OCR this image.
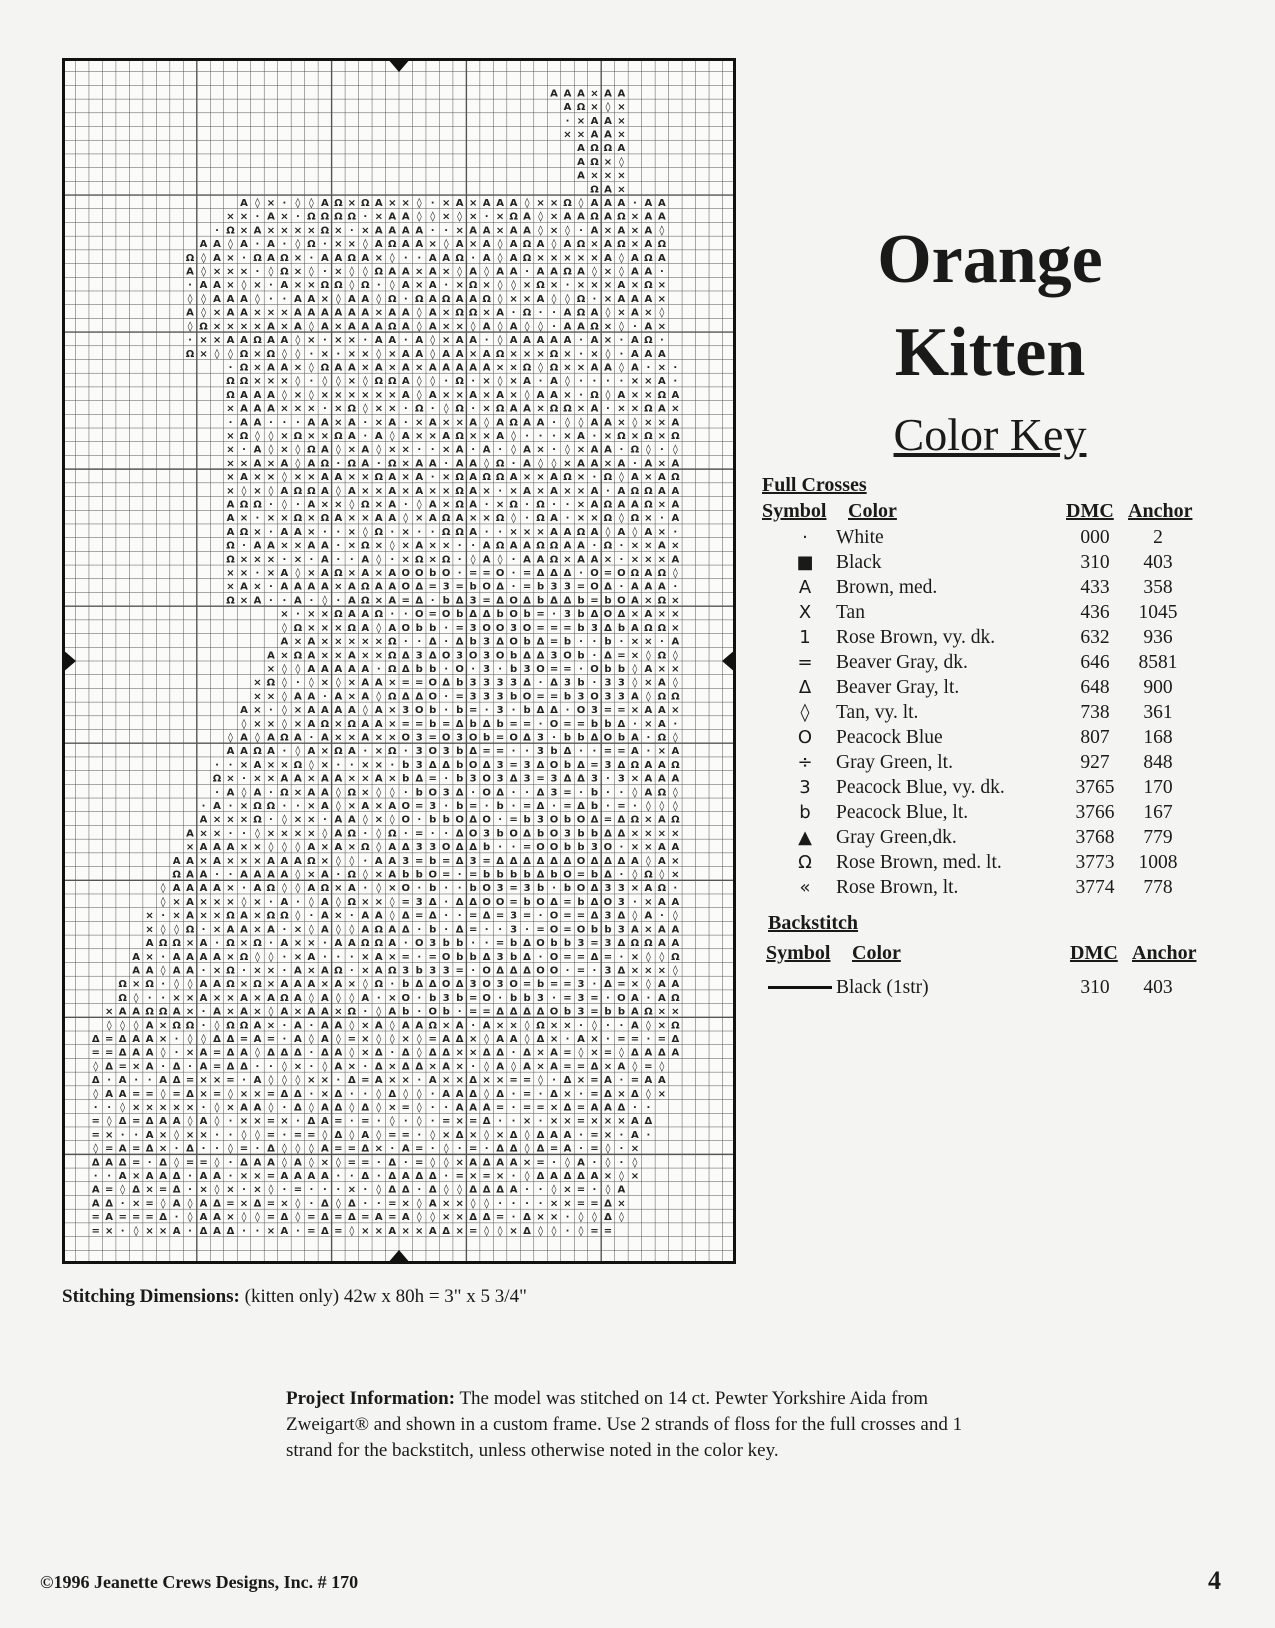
A A A × A A
A Ω × ◊ ×
· × A A ×
× × A A ×
A Ω Ω A
A Ω × ◊
A × × ×
Ω A ×
A ◊ × · ◊ ◊ A Ω × Ω A × × ◊ · × A × A A A ◊ × × Ω ◊ A A A · A A
× × · A × · Ω Ω Ω Ω · × A A ◊ ◊ × ◊ × · × Ω A ◊ × A A Ω A Ω × A A
· Ω × A × × × × Ω × · × A A A A · · × A A × A A ◊ × ◊ · A × A × A ◊
A A ◊ A · A · ◊ Ω · × × ◊ A Ω A A × ◊ A × A ◊ A Ω A ◊ A Ω × A Ω × A Ω
Ω ◊ A × · Ω A Ω × · A A Ω A × ◊ · · A A Ω · A ◊ A Ω × × × × × A ◊ A Ω A
A ◊ × × × · ◊ Ω × ◊ · × ◊ ◊ Ω A A × A × ◊ A ◊ A A · A A Ω A ◊ × ◊ A A ·
· A A × ◊ × · A × × Ω Ω ◊ Ω · ◊ A × A · × Ω × ◊ ◊ × Ω × · × × × A × Ω ×
◊ ◊ A A A ◊ · · A A × ◊ A A ◊ Ω · Ω A Ω A A Ω ◊ × × A ◊ ◊ Ω · × A A A ×
A ◊ × A A × × × A A A A A A × A A ◊ A × Ω Ω × A · Ω · · A Ω A ◊ × A × ◊
◊ Ω × × × × A × A ◊ A × A A A Ω A ◊ A × × ◊ A ◊ A ◊ ◊ · A A Ω × ◊ · A ×
· × × A A Ω A A ◊ × · × × · A A · A ◊ × A A · ◊ A A A A A · A × · A Ω ·
Ω × ◊ ◊ Ω × Ω ◊ ◊ · × · × × ◊ × A A ◊ A A × A Ω × × × Ω × · × ◊ · A A A
· Ω × A A × ◊ Ω A A × A × A × A A A A A × × Ω ◊ Ω × × A A ◊ A · × ·
Ω Ω × × × ◊ · ◊ ◊ × ◊ Ω Ω A ◊ ◊ · Ω · × ◊ × A · A ◊ · · · · × × A ·
Ω A A A ◊ × ◊ × × × × × × A ◊ A × × A × A × ◊ A A × · Ω ◊ A × × Ω A
× A A A × × × · × Ω ◊ × × · Ω · ◊ Ω · × Ω A A × Ω Ω × A · × × Ω A ×
· A A · · · A A × A · × A · × A × × A ◊ A Ω A A · ◊ ◊ A A × ◊ × × A
× Ω ◊ ◊ × Ω × × Ω A · A ◊ A × × A Ω × × A ◊ · · · × A · × Ω × Ω × Ω
× · A ◊ × ◊ Ω A ◊ × A ◊ × × · · × A · A · ◊ A × · ◊ × A A · Ω ◊ · ◊
× × A × A ◊ A Ω · Ω A · Ω × A A · A A ◊ Ω · A ◊ ◊ × A A × A · A × A
× A × × ◊ × × A A × × Ω A × A · × Ω A Ω Ω A × × A Ω × · Ω ◊ A × A Ω
× ◊ × ◊ A Ω Ω A ◊ A × × A × A × × Ω A × · × A × A × × A · A Ω Ω A A
A Ω Ω · ◊ · A × × ◊ Ω × A · ◊ A × Ω A · × Ω · Ω · · × A Ω A A Ω × A
A × · × × Ω × Ω A × × A A ◊ × A Ω A × × Ω ◊ · Ω A · × × Ω ◊ Ω × · A
A Ω × · A A × · · × ◊ Ω · × · · Ω Ω A · · × × × A A Ω A ◊ A ◊ A × ·
Ω · A A × × A A · × Ω × ◊ × A × × · · A Ω A A Ω Ω A A · Ω · × × A ×
Ω × × × · × · A · · A ◊ · × Ω × Ω · ◊ A ◊ · A A Ω × A A × · × × × A
× × · × A ◊ × A Ω × A × A O O b O · = = O · = Δ Δ Δ · O = O Ω A Ω ◊
× A × · A A A A × A Ω A A O Δ = 3 = b O Δ · = b 3 3 = O Δ · A A A ·
Ω × A · · A · ◊ · A Ω × A = Δ · b Δ 3 = Δ O Δ b Δ Δ b = b O A × Ω ×
× · × × Ω A A Ω · · O = O b Δ Δ b O b = · 3 b Δ O Δ × A × ×
◊ Ω × × × Ω A ◊ A O b b · = 3 O O 3 O = = = b 3 Δ b A Ω Ω ×
A × A × × × × × Ω · · Δ · Δ b 3 Δ O b Δ = b · · b · × × · A
A × Ω A × × A × × Ω Δ 3 Δ O 3 O 3 O b Δ Δ 3 O b · Δ = × ◊ Ω ◊
× ◊ ◊ A A A A A · Ω Δ b b · O · 3 · b 3 O = = · O b b ◊ A × ×
× Ω ◊ · ◊ × ◊ × A A × = = O Δ b 3 3 3 3 Δ · Δ 3 b · 3 3 ◊ × A ◊
× × ◊ A A · A × A ◊ Ω Δ Δ O · = 3 3 3 b O = = b 3 O 3 3 A ◊ Ω Ω
A × · ◊ × A A A A ◊ A × 3 O b · b = · 3 · b Δ Δ · O 3 = = × A A ×
◊ × × ◊ × A Ω × Ω A A × = = b = Δ b Δ b = = · O = = b b Δ · × A ·
◊ A ◊ A Ω A · A × × A × × O 3 = O 3 O b = O Δ 3 · b b Δ O b A · Ω ◊
A A Ω A · ◊ A × Ω A · × Ω · 3 O 3 b Δ = = · · 3 b Δ · · = = A · × A
· · × A × × Ω ◊ × · · × × · b 3 Δ Δ b O Δ 3 = 3 Δ O b Δ = 3 Δ Ω A A Ω
Ω × · × × A A × A A × × A × b Δ = · b 3 O 3 Δ 3 = 3 Δ Δ 3 · 3 × A A A
· A ◊ A · Ω × A A ◊ Ω × ◊ ◊ · b O 3 Δ · O Δ · · Δ 3 = · b · · ◊ A Ω ◊
· A · × Ω Ω · · × A ◊ × A × A O = 3 · b = · b · = Δ · = Δ b · = · ◊ ◊ ◊
A × × × Ω · ◊ × × · A A ◊ × ◊ O · b b O Δ O · = b 3 O b O Δ = Δ Ω × A Ω
A × × · · ◊ × × × × ◊ A Ω · ◊ Ω · = · · Δ O 3 b O Δ b O 3 b b Δ Δ × × × ×
× A A A × × ◊ ◊ ◊ A × A × Ω ◊ A Δ 3 3 O Δ Δ b · · = O O b b 3 O · × × A A
A A × A × × × A A A Ω × ◊ ◊ · A A 3 = b = Δ 3 = Δ Δ Δ Δ Δ Δ O Δ Δ Δ A ◊ A ×
Ω A A · · A A A A ◊ × A · Ω ◊ × A b b O = · = b b b b Δ b O = b Δ · ◊ Ω ◊ ×
◊ A A A A × · A Ω ◊ ◊ A Ω × A · ◊ × O · b · · b O 3 = 3 b · b O Δ 3 3 × A Ω ·
◊ × A × × × ◊ × · A · ◊ A ◊ Ω × × ◊ = 3 Δ · Δ Δ O O = b O Δ = b Δ O 3 · × A A
× · × A × × Ω A × Ω Ω ◊ · A × · A A ◊ Δ = Δ · · = Δ = 3 = · O = = Δ 3 Δ ◊ A · ◊
× ◊ ◊ Ω · × A A × A · × ◊ A ◊ ◊ A Ω A Δ · b · Δ = · · 3 · = O = O b b 3 A × A A
A Ω Ω × A · Ω × Ω · A × × · A A Ω Ω A · O 3 b b · · = b Δ O b b 3 = 3 Δ Ω Ω A A
A × · A A A A × Ω ◊ ◊ · × A · · · × A × = · = O b b Δ 3 b Δ · O = = Δ = · × ◊ ◊ Ω
A A ◊ A A · × Ω · × × · A × A Ω · × A Ω 3 b 3 3 = · O Δ Δ Δ O O · = · 3 Δ × × × ◊
Ω × Ω · ◊ ◊ A A Ω × Ω × A A A × A × ◊ Ω · b Δ Δ O Δ 3 O 3 O = b = = 3 · Δ = × ◊ A A
Ω ◊ · · × × A × × A × A Ω A ◊ A ◊ ◊ A · × O · b 3 b = O · b b 3 · = 3 = · O A · A Ω
× A A Ω Ω A × · A × A × ◊ A × A A × Ω · ◊ A b · O b · = = Δ Δ Δ Δ O b 3 = b b A Ω × ×
◊ ◊ ◊ A × Ω Ω · ◊ Ω Ω A × · A · A A ◊ × A ◊ A A Ω × A · A × × ◊ Ω × × · ◊ · · A ◊ × Ω
Δ = Δ A A × · ◊ ◊ Δ Δ = A = · A ◊ A ◊ = × ◊ ◊ × ◊ = A Δ × ◊ A A ◊ Δ × · A × · = = · = Δ
= = Δ A A ◊ · × A = Δ A ◊ Δ Δ Δ · Δ A ◊ × Δ · Δ ◊ Δ Δ × × Δ Δ · Δ × A = ◊ × = ◊ Δ A Δ A
◊ Δ = × A · Δ · A = Δ Δ · · ◊ × · ◊ A × · Δ × Δ Δ × A × · ◊ A ◊ A × A = = Δ × A ◊ = ◊
Δ · A · · A Δ = × × = · A ◊ ◊ ◊ × × · Δ = A × × · A × × Δ × × = = ◊ · Δ × = A · = A A
◊ A A = = ◊ = Δ × = ◊ × × = Δ Δ · × Δ · · ◊ Δ ◊ ◊ · A A Δ ◊ Δ · = · Δ × · = Δ × Δ ◊ ×
· · ◊ × × × × × · ◊ × A A ◊ · Δ ◊ A Δ ◊ Δ ◊ × = ◊ · · A A A = · = = × Δ = A A Δ · ·
= ◊ Δ = Δ A A ◊ A ◊ · × × = × · Δ A = · = · ◊ · ◊ · = × = Δ · · × · × × = × × × A Δ
= × · · A × ◊ × × · · ◊ ◊ = · = = ◊ Δ ◊ A ◊ = = · ◊ × Δ × ◊ × Δ ◊ Δ A A · = × · A ·
◊ = A = Δ × · Δ · · ◊ = · Δ ◊ ◊ ◊ A = = Δ × · A = · ◊ · = · Δ Δ ◊ Δ = A · = ◊ · ×
Δ A Δ = · Δ ◊ = = ◊ · Δ A A ◊ A ◊ × ◊ = = · Δ · = ◊ ◊ × A Δ A A × = · ◊ A · ◊ · ◊
· · A × A A Δ · A A · × × = A A A A · · Δ · Δ A Δ Δ · = × = × · ◊ Δ A Δ Δ A × ◊ ×
A = ◊ Δ × = Δ · × ◊ × · × ◊ · = · · · × · ◊ Δ Δ · Δ ◊ ◊ Δ Δ Δ A · · ◊ × = · ◊ A
A Δ · × = ◊ A ◊ A Δ = × Δ = × ◊ · Δ ◊ Δ · · = × ◊ A × × ◊ ◊ · · · · × × = = Δ ×
= A = = = Δ · ◊ A A × ◊ ◊ = Δ ◊ = Δ = Δ = A = A ◊ ◊ × × Δ Δ = · Δ × × · ◊ ◊ Δ ◊
= × · ◊ × × A · Δ A Δ · · × A · = Δ = ◊ × × A × × A Δ × = ◊ ◊ × Δ ◊ ◊ · ◊ = =
Orange
Kitten
Color Key
Full Crosses
Symbol Color	DMC Anchor
·	White	000	2
■	Black	310	403
A	Brown, med.	433	358
X	Tan	436	1045
1	Rose Brown, vy. dk.	632	936
=	Beaver Gray, dk.	646	8581
Δ	Beaver Gray, lt.	648	900
◊	Tan, vy. lt.	738	361
O	Peacock Blue	807	168
÷	Gray Green, lt.	927	848
3	Peacock Blue, vy. dk.	3765	170
b	Peacock Blue, lt.	3766	167
▲	Gray Green,dk.	3768	779
Ω	Rose Brown, med. lt.	3773	1008
«	Rose Brown, lt.	3774	778
Backstitch
Symbol Color	DMC Anchor
Black (1str)	310	403
Stitching Dimensions: (kitten only) 42w x 80h = 3" x 5 3/4"
Project Information: The model was stitched on 14 ct. Pewter Yorkshire Aida from Zweigart® and shown in a custom frame. Use 2 strands of floss for the full crosses and 1 strand for the backstitch, unless otherwise noted in the color key.
©1996 Jeanette Crews Designs, Inc. # 170	4
